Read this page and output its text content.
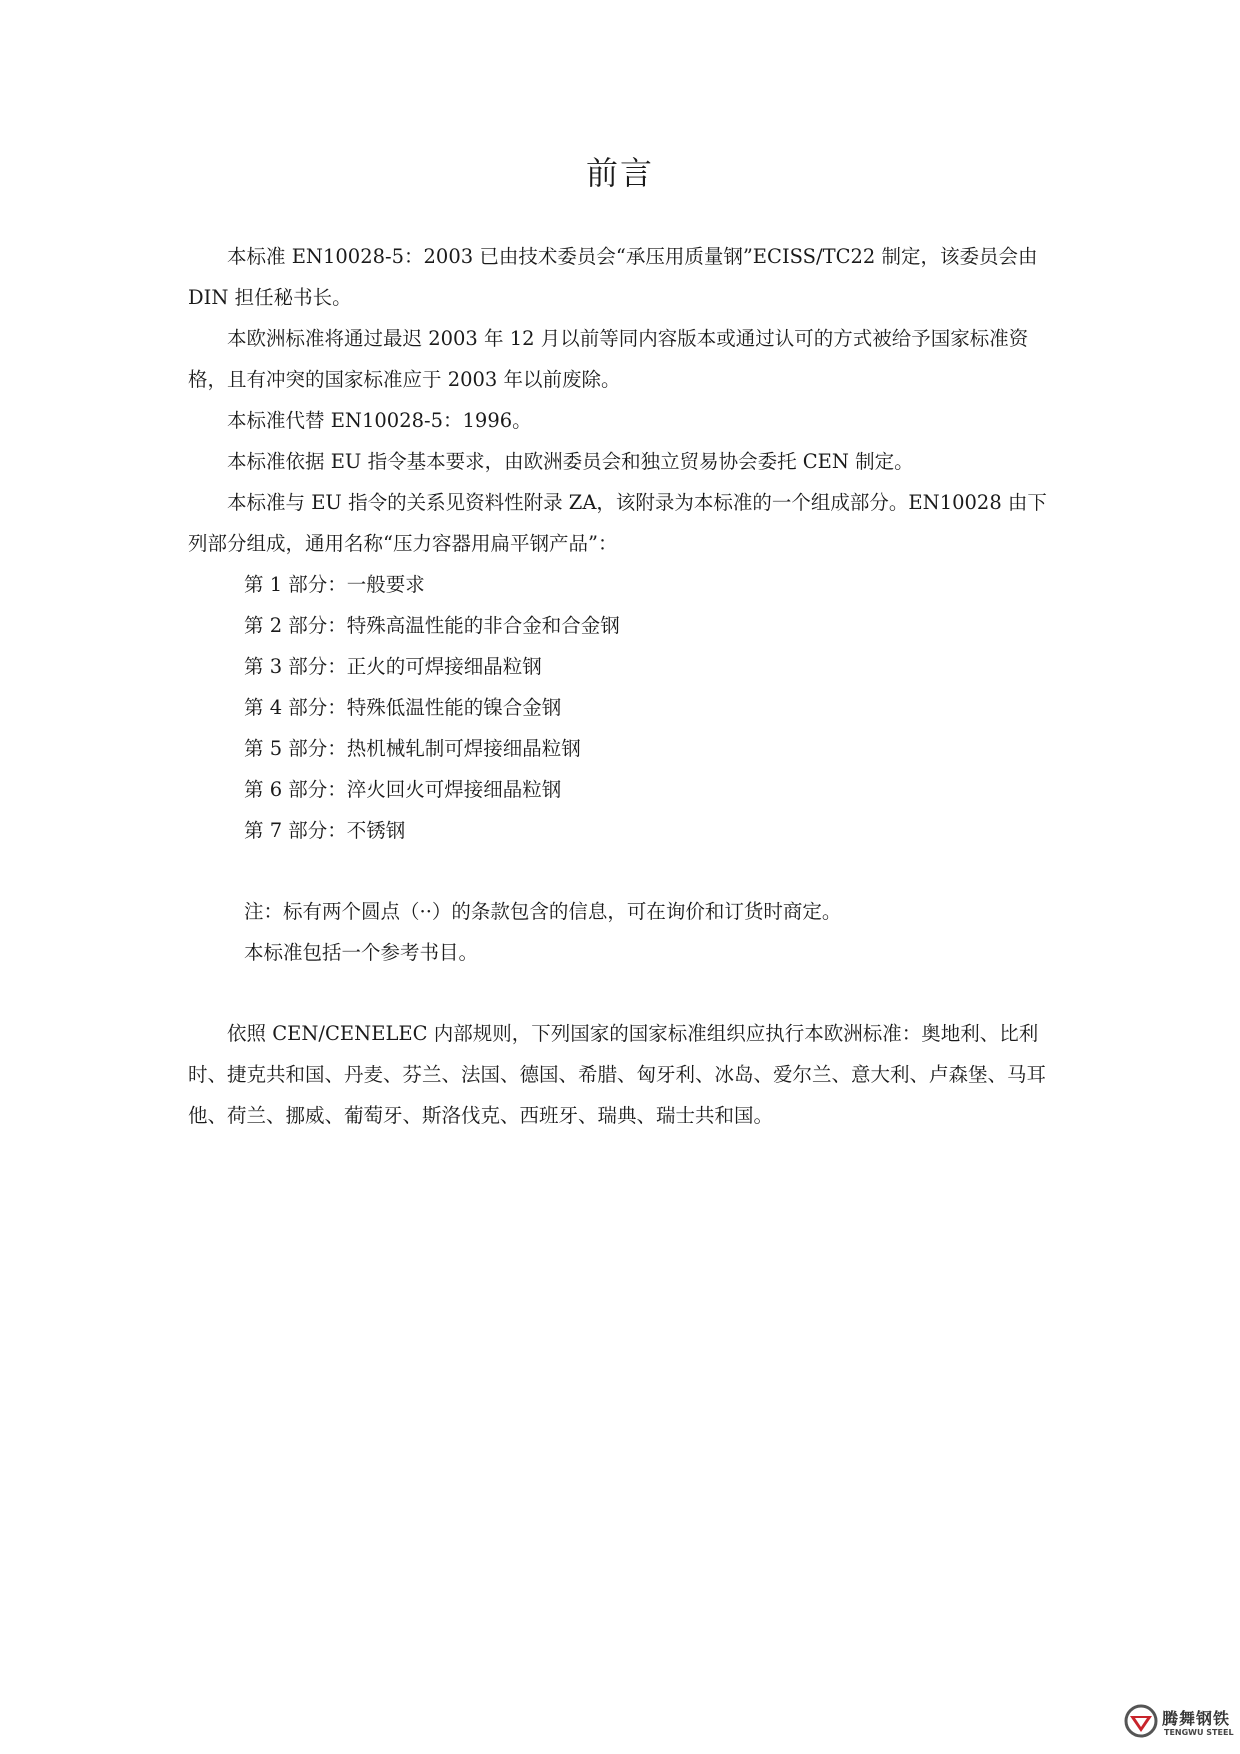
前言

本标准 EN10028-5：2003 已由技术委员会“承压用质量钢”ECISS/TC22 制定，该委员会由 DIN 担任秘书长。

本欧洲标准将通过最迟 2003 年 12 月以前等同内容版本或通过认可的方式被给予国家标准资格，且有冲突的国家标准应于 2003 年以前废除。

本标准代替 EN10028-5：1996。

本标准依据 EU 指令基本要求，由欧洲委员会和独立贸易协会委托 CEN 制定。

本标准与 EU 指令的关系见资料性附录 ZA，该附录为本标准的一个组成部分。EN10028 由下列部分组成，通用名称“压力容器用扁平钢产品”：

第 1 部分：一般要求
第 2 部分：特殊高温性能的非合金和合金钢
第 3 部分：正火的可焊接细晶粒钢
第 4 部分：特殊低温性能的镍合金钢
第 5 部分：热机械轧制可焊接细晶粒钢
第 6 部分：淬火回火可焊接细晶粒钢
第 7 部分：不锈钢

注：标有两个圆点（··）的条款包含的信息，可在询价和订货时商定。

本标准包括一个参考书目。

依照 CEN/CENELEC 内部规则，下列国家的国家标准组织应执行本欧洲标准：奥地利、比利时、捷克共和国、丹麦、芬兰、法国、德国、希腊、匈牙利、冰岛、爱尔兰、意大利、卢森堡、马耳他、荷兰、挪威、葡萄牙、斯洛伐克、西班牙、瑞典、瑞士共和国。

腾舞钢铁
TENGWU STEEL
